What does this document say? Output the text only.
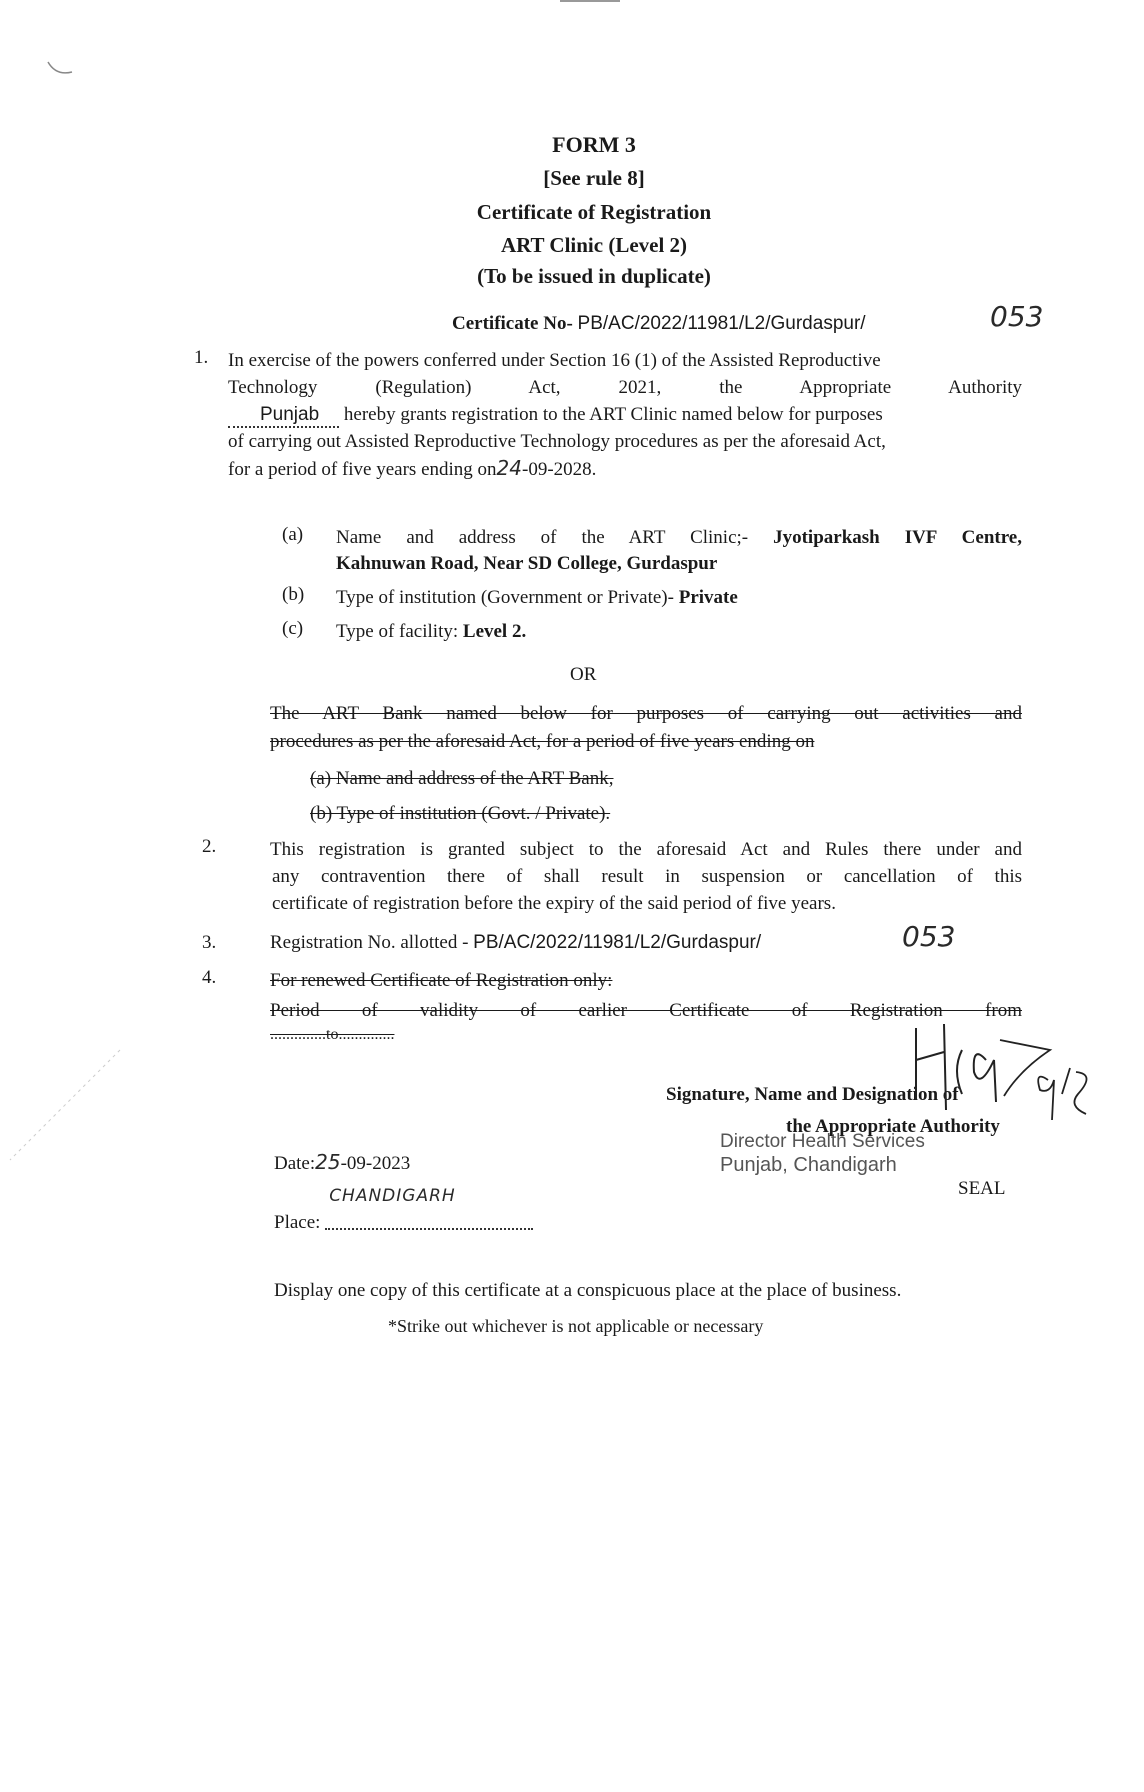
FORM 3
[See rule 8]
Certificate of Registration
ART Clinic (Level 2)
(To be issued in duplicate)
Certificate No- PB/AC/2022/11981/L2/Gurdaspur/	053
1. In exercise of the powers conferred under Section 16 (1) of the Assisted Reproductive
Technology (Regulation) Act, 2021, the Appropriate Authority
Punjab hereby grants registration to the ART Clinic named below for purposes
of carrying out Assisted Reproductive Technology procedures as per the aforesaid Act,
for a period of five years ending on24-09-2028.
(a) Name and address of the ART Clinic;- Jyotiparkash IVF Centre,
Kahnuwan Road, Near SD College, Gurdaspur
(b) Type of institution (Government or Private)- Private
(c) Type of facility: Level 2.
OR
The ART Bank named below for purposes of carrying out activities and
procedures as per the aforesaid Act, for a period of five years ending on
(a) Name and address of the ART Bank,
(b) Type of institution (Govt. / Private).
2.	This registration is granted subject to the aforesaid Act and Rules there under and
any contravention there of shall result in suspension or cancellation of this
certificate of registration before the expiry of the said period of five years.
3.	Registration No. allotted - PB/AC/2022/11981/L2/Gurdaspur/	053
4.	For renewed Certificate of Registration only:
Period of validity of earlier Certificate of Registration from
..............to..............
Signature, Name and Designation of
the Appropriate Authority
Director Health Services
Punjab, Chandigarh
SEAL
Date:25-09-2023
Place:
CHANDIGARH
Display one copy of this certificate at a conspicuous place at the place of business.
*Strike out whichever is not applicable or necessary
